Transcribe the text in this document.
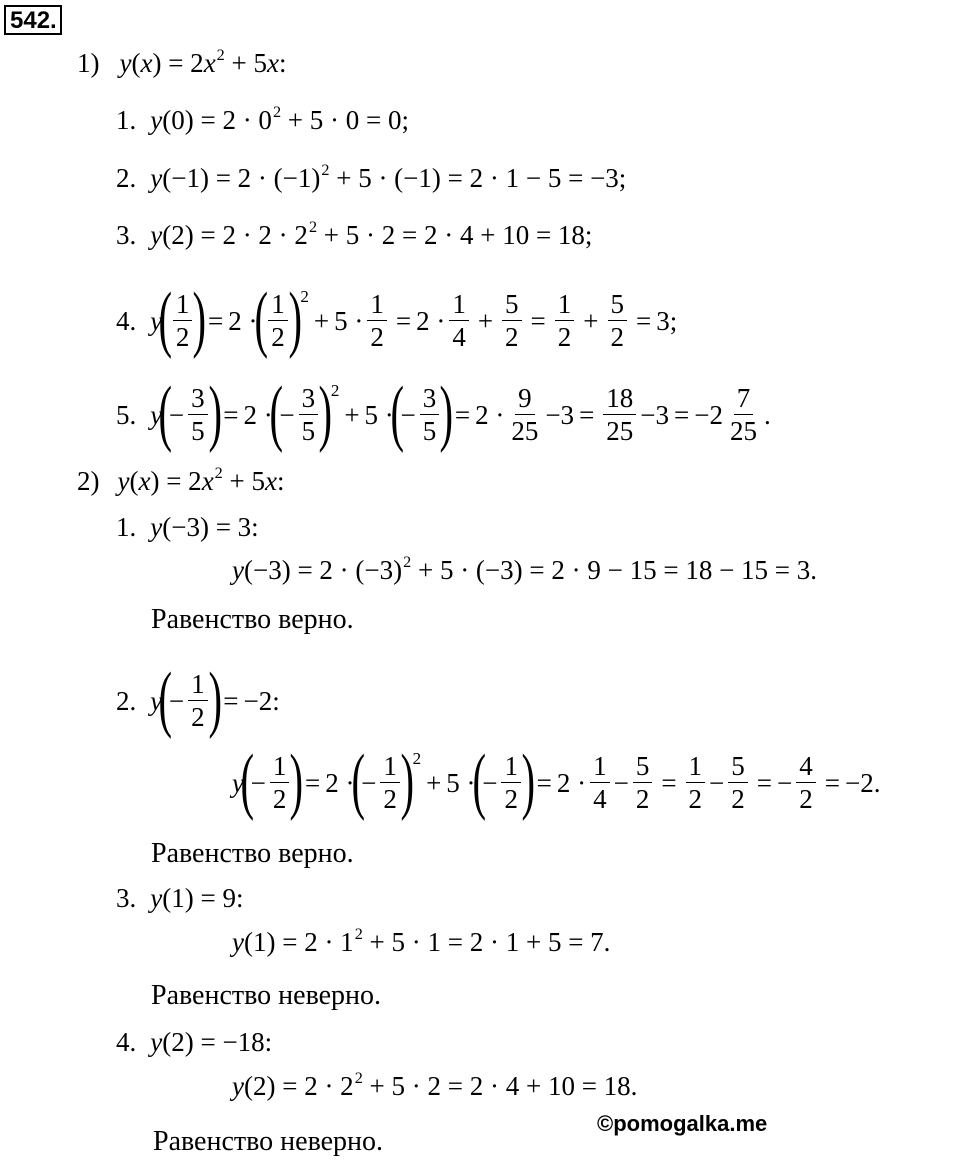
542.
1) $y(x) = 2x^2 + 5x$:
1. $y(0) = 2 \cdot 0^2 + 5 \cdot 0 = 0$;
2. $y(-1) = 2 \cdot (-1)^2 + 5 \cdot (-1) = 2 \cdot 1 - 5 = -3$;
3. $y(2) = 2 \cdot 2 \cdot 2^2 + 5 \cdot 2 = 2 \cdot 4 + 10 = 18$;
4. y
( $\frac{1}{2}$ ) = 2 ·
( $\frac{1}{2}$ )
2
+ $5 \cdot \frac{1}{2} = 2 \cdot \frac{1}{4} + \frac{5}{2} = \frac{1}{2} + \frac{5}{2} = 3$;
5. y
(
− $\frac{3}{5}$ ) = 2 ·
(
− $\frac{3}{5}$ )
2
+ 5 ·
(
− $\frac{3}{5}$ ) = $2 \cdot \frac{9}{25} -3 = \frac{18}{25} -3 = -2 \frac{7}{25}$ .
2) $y(x) = 2x^2 + 5x$:
1. y(−3) = 3:
$y(-3) = 2 \cdot (-3)^2 + 5 \cdot (-3) = 2 \cdot 9 - 15 = 18 - 15 = 3$.
Равенство верно.
2. y
(
− $\frac{1}{2}$ ) = −2:
y
(
− $\frac{1}{2}$ ) = 2 ·
(
− $\frac{1}{2}$ )
2
+ 5 ·
(
− $\frac{1}{2}$ ) = $2 \cdot \frac{1}{4} - \frac{5}{2} = \frac{1}{2} - \frac{5}{2}$ = − $\frac{4}{2} = -2$.
Равенство верно.
3. y(1) = 9:
$y(1) = 2 \cdot 1^2 + 5 \cdot 1 = 2 \cdot 1 + 5 = 7$.
Равенство неверно.
4. y(2) = −18:
$y(2) = 2 \cdot 2^2 + 5 \cdot 2 = 2 \cdot 4 + 10 = 18$.
Равенство неверно.
©pomogalka.me
